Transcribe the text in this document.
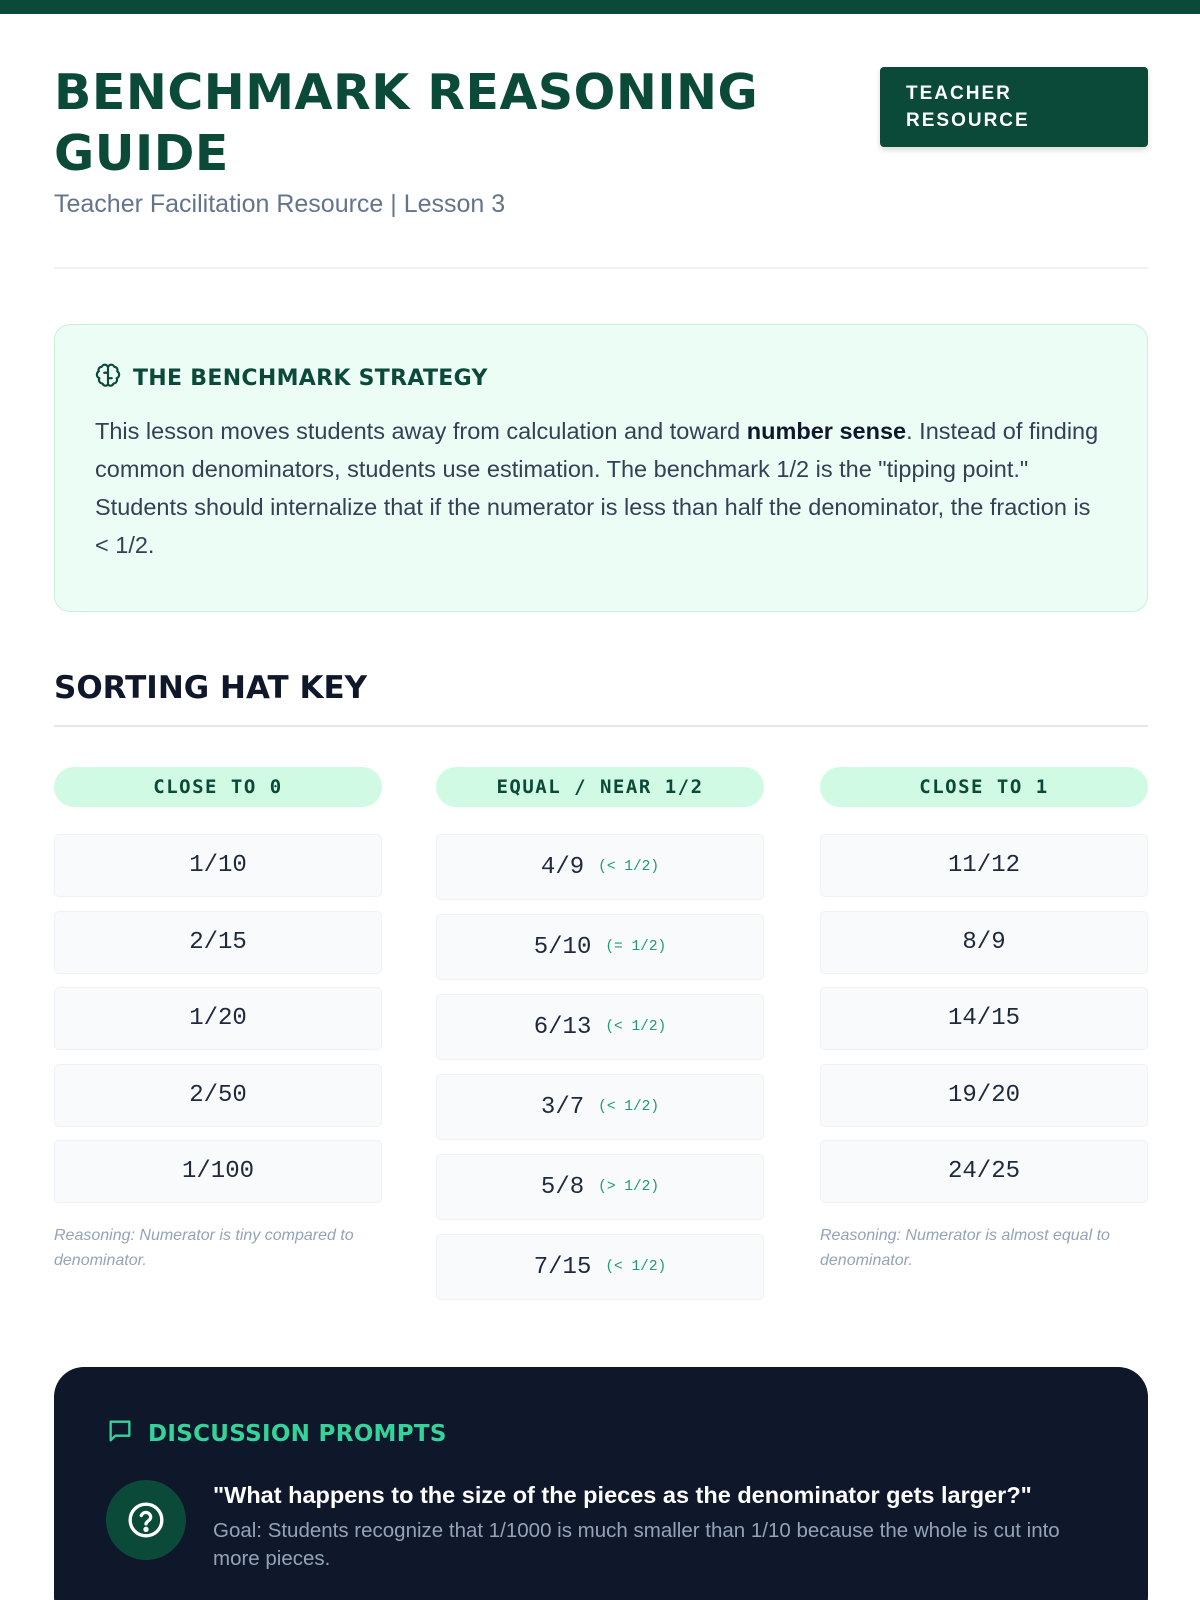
BENCHMARK REASONING GUIDE
Teacher Facilitation Resource | Lesson 3
TEACHER RESOURCE
THE BENCHMARK STRATEGY

This lesson moves students away from calculation and toward number sense. Instead of finding common denominators, students use estimation. The benchmark 1/2 is the "tipping point." Students should internalize that if the numerator is less than half the denominator, the fraction is < 1/2.

SORTING HAT KEY
CLOSE TO 0
1/10
2/15
1/20
2/50
1/100

Reasoning: Numerator is tiny compared to denominator.

EQUAL / NEAR 1/2
4/9 (< 1/2)
5/10 (= 1/2)
6/13 (< 1/2)
3/7 (< 1/2)
5/8 (> 1/2)
7/15 (< 1/2)
CLOSE TO 1
11/12
8/9
14/15
19/20
24/25

Reasoning: Numerator is almost equal to denominator.

DISCUSSION PROMPTS
"What happens to the size of the pieces as the denominator gets larger?"
Goal: Students recognize that 1/1000 is much smaller than 1/10 because the whole is cut into more pieces.
